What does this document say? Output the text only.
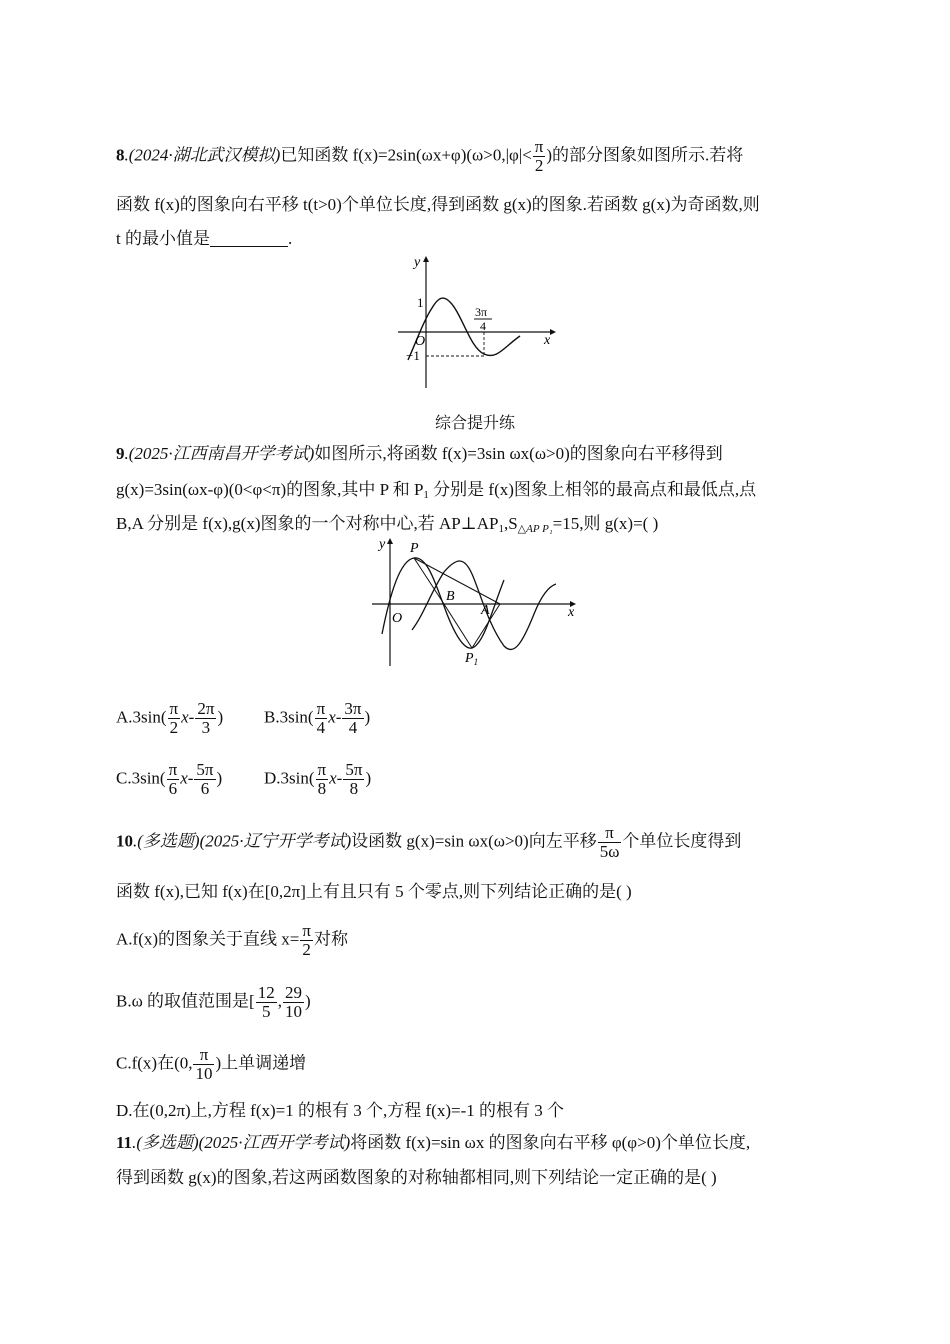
8.(2024·湖北武汉模拟)已知函数 $f(x)=2\sin(\omega x+\varphi)(\omega>0,|\varphi|< \frac{\pi}{2}$ )的部分图象如图所示.若将
函数 f(x)的图象向右平移 t(t>0)个单位长度,得到函数 g(x)的图象.若函数 g(x)为奇函数,则
t 的最小值是	.
y
x
O
1
−1
3π
4
综合提升练
9.(2025·江西南昌开学考试)如图所示,将函数 f(x)=3sin ωx(ω>0)的图象向右平移得到
g(x)=3sin(ωx-φ)(0<φ<π)的图象,其中 P 和 $P_1$ 分别是 f(x)图象上相邻的最高点和最低点,点
B,A 分别是 f(x),g(x)图象的一个对称中心,若 $AP\perp AP_1,S_{\triangle AP P_1}=15$,则 g(x)=( )
y
x
O
P
B
A
$P_1$
$A.3\sin( \frac{\pi}{2} x- \frac{2\pi}{3}$ ) $B.3\sin( \frac{\pi}{4} x- \frac{3\pi}{4}$ )
$C.3\sin( \frac{\pi}{6} x- \frac{5\pi}{6}$ ) $D.3\sin( \frac{\pi}{8} x- \frac{5\pi}{8}$ )
10.(多选题)(2025·辽宁开学考试)设函数 g(x)=sin ωx(ω>0)向左平移 $\frac{\pi}{5\omega}$ 个单位长度得到
函数 f(x),已知 f(x)在[0,2π]上有且只有 5 个零点,则下列结论正确的是( )
A.f(x)的图象关于直线 $x= \frac{\pi}{2}$ 对称
B.ω 的取值范围是[ $\frac{12}{5}$ , $\frac{29}{10}$ )
C.f(x)在(0, $\frac{\pi}{10}$ )上单调递增
D.在(0,2π)上,方程 f(x)=1 的根有 3 个,方程 f(x)=-1 的根有 3 个
11.(多选题)(2025·江西开学考试)将函数 f(x)=sin ωx 的图象向右平移 φ(φ>0)个单位长度,
得到函数 g(x)的图象,若这两函数图象的对称轴都相同,则下列结论一定正确的是( )
